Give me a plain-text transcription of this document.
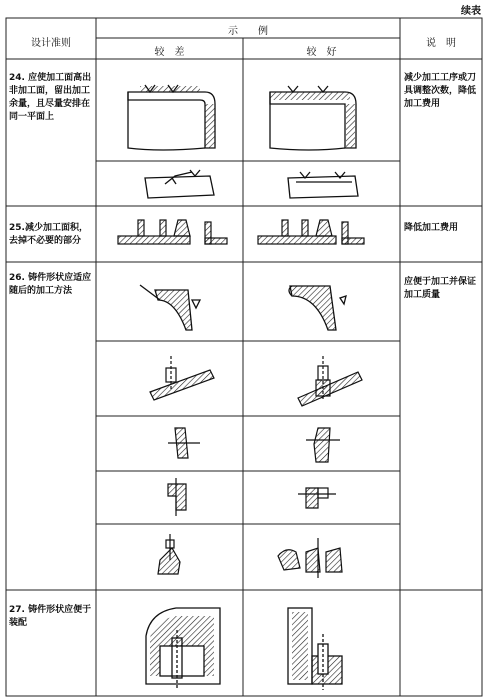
续表
设计准则
示　　例
较　差	较　好
说　明
24. 应使加工面高出非加工面，留出加工余量，且尽量安排在同一平面上
减少加工工序或刀具调整次数，降低加工费用
25.减少加工面积，去掉不必要的部分
降低加工费用
26. 铸件形状应适应随后的加工方法
应便于加工并保证加工质量
27. 铸件形状应便于装配
